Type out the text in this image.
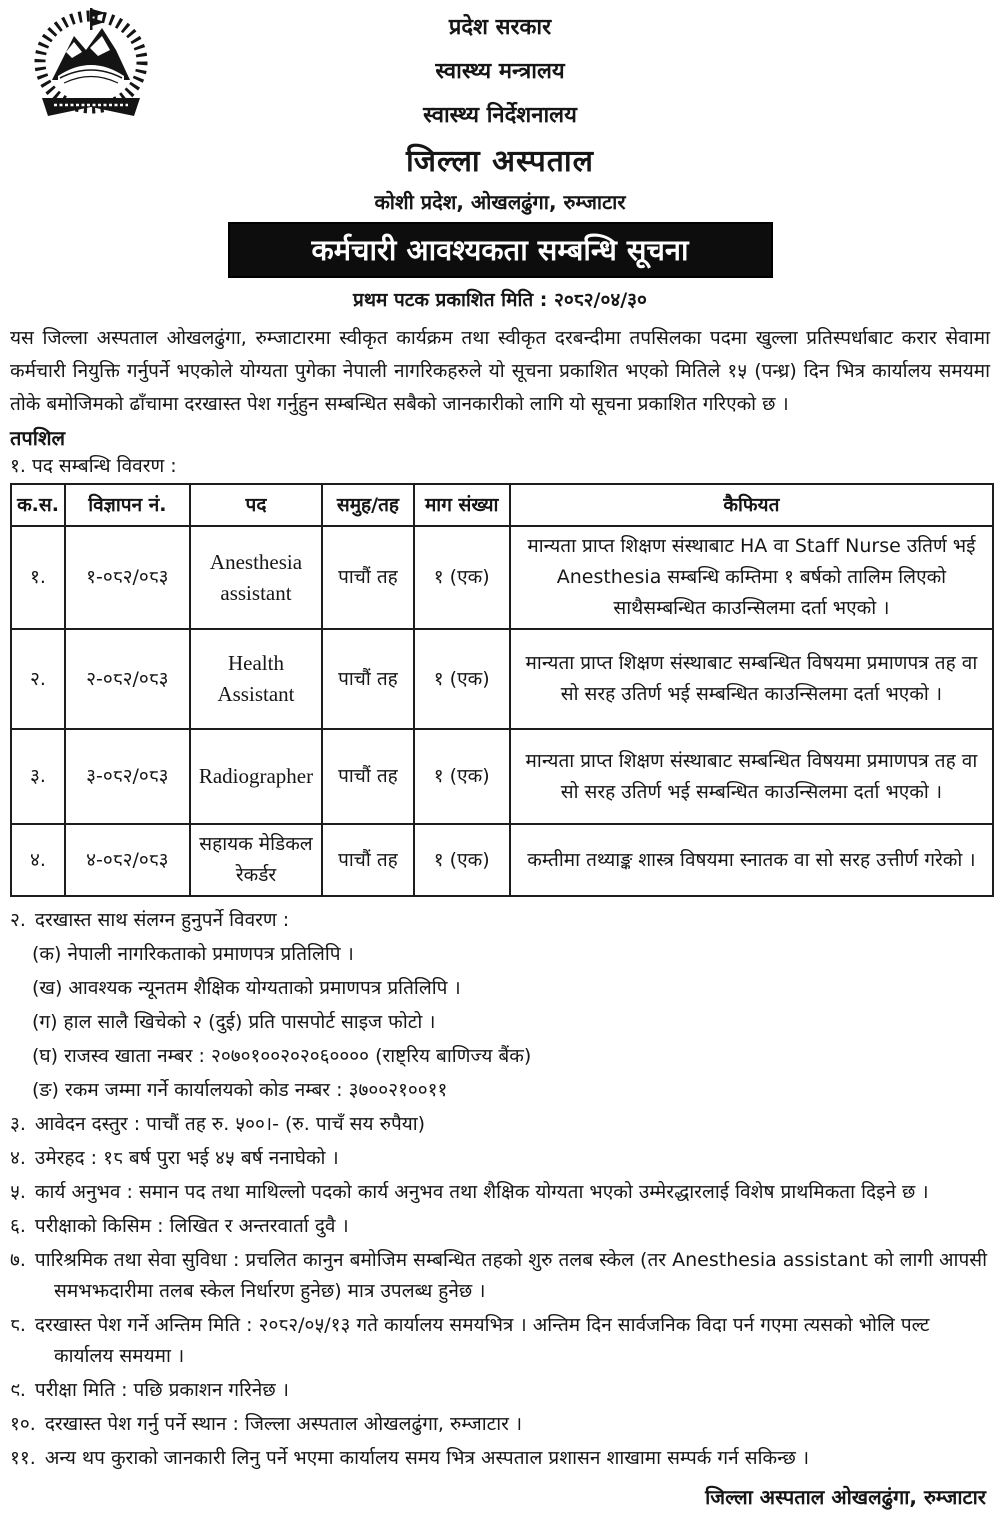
प्रदेश सरकार
स्वास्थ्य मन्त्रालय
स्वास्थ्य निर्देशनालय
जिल्ला अस्पताल
कोशी प्रदेश, ओखलढुंगा, रुम्जाटार
कर्मचारी आवश्यकता सम्बन्धि सूचना
प्रथम पटक प्रकाशित मिति : २०८२/०४/३०

यस जिल्ला अस्पताल ओखलढुंगा, रुम्जाटारमा स्वीकृत कार्यक्रम तथा स्वीकृत दरबन्दीमा तपसिलका पदमा खुल्ला प्रतिस्पर्धाबाट करार सेवामा कर्मचारी नियुक्ति गर्नुपर्ने भएकोले योग्यता पुगेका नेपाली नागरिकहरुले यो सूचना प्रकाशित भएको मितिले १५ (पन्ध्र) दिन भित्र कार्यालय समयमा तोके बमोजिमको ढाँचामा दरखास्त पेश गर्नुहुन सम्बन्धित सबैको जानकारीको लागि यो सूचना प्रकाशित गरिएको छ ।

तपशिल
१. पद सम्बन्धि विवरण :
क.स.	विज्ञापन नं.	पद	समुह/तह	माग संख्या	कैफियत
१.	१-०८२/०८३	Anesthesia assistant	पाचौं तह	१ (एक)	मान्यता प्राप्त शिक्षण संस्थाबाट HA वा Staff Nurse उतिर्ण भई Anesthesia सम्बन्धि कम्तिमा १ बर्षको तालिम लिएको साथैसम्बन्धित काउन्सिलमा दर्ता भएको ।
२.	२-०८२/०८३	Health Assistant	पाचौं तह	१ (एक)	मान्यता प्राप्त शिक्षण संस्थाबाट सम्बन्धित विषयमा प्रमाणपत्र तह वा सो सरह उतिर्ण भई सम्बन्धित काउन्सिलमा दर्ता भएको ।
३.	३-०८२/०८३	Radiographer	पाचौं तह	१ (एक)	मान्यता प्राप्त शिक्षण संस्थाबाट सम्बन्धित विषयमा प्रमाणपत्र तह वा सो सरह उतिर्ण भई सम्बन्धित काउन्सिलमा दर्ता भएको ।
४.	४-०८२/०८३	सहायक मेडिकल रेकर्डर	पाचौं तह	१ (एक)	कम्तीमा तथ्याङ्क शास्त्र विषयमा स्नातक वा सो सरह उत्तीर्ण गरेको ।
२. दरखास्त साथ संलग्न हुनुपर्ने विवरण :
(क) नेपाली नागरिकताको प्रमाणपत्र प्रतिलिपि ।
(ख) आवश्यक न्यूनतम शैक्षिक योग्यताको प्रमाणपत्र प्रतिलिपि ।
(ग) हाल सालै खिचेको २ (दुई) प्रति पासपोर्ट साइज फोटो ।
(घ) राजस्व खाता नम्बर : २०७०१००२०२०६०००० (राष्ट्रिय बाणिज्य बैंक)
(ङ) रकम जम्मा गर्ने कार्यालयको कोड नम्बर : ३७००२१००११
३. आवेदन दस्तुर : पाचौं तह रु. ५००।- (रु. पाचँ सय रुपैया)
४. उमेरहद : १८ बर्ष पुरा भई ४५ बर्ष ननाघेको ।
५. कार्य अनुभव : समान पद तथा माथिल्लो पदको कार्य अनुभव तथा शैक्षिक योग्यता भएको उम्मेरद्धारलाई विशेष प्राथमिकता दिइने छ ।
६. परीक्षाको किसिम : लिखित र अन्तरवार्ता दुवै ।
७. पारिश्रमिक तथा सेवा सुविधा : प्रचलित कानुन बमोजिम सम्बन्धित तहको शुरु तलब स्केल (तर Anesthesia assistant को लागी आपसी समभझदारीमा तलब स्केल निर्धारण हुनेछ) मात्र उपलब्ध हुनेछ ।
८. दरखास्त पेश गर्ने अन्तिम मिति : २०८२/०५/१३ गते कार्यालय समयभित्र । अन्तिम दिन सार्वजनिक विदा पर्न गएमा त्यसको भोलि पल्ट कार्यालय समयमा ।
९. परीक्षा मिति : पछि प्रकाशन गरिनेछ ।
१०. दरखास्त पेश गर्नु पर्ने स्थान : जिल्ला अस्पताल ओखलढुंगा, रुम्जाटार ।
११. अन्य थप कुराको जानकारी लिनु पर्ने भएमा कार्यालय समय भित्र अस्पताल प्रशासन शाखामा सम्पर्क गर्न सकिन्छ ।
जिल्ला अस्पताल ओखलढुंगा, रुम्जाटार
